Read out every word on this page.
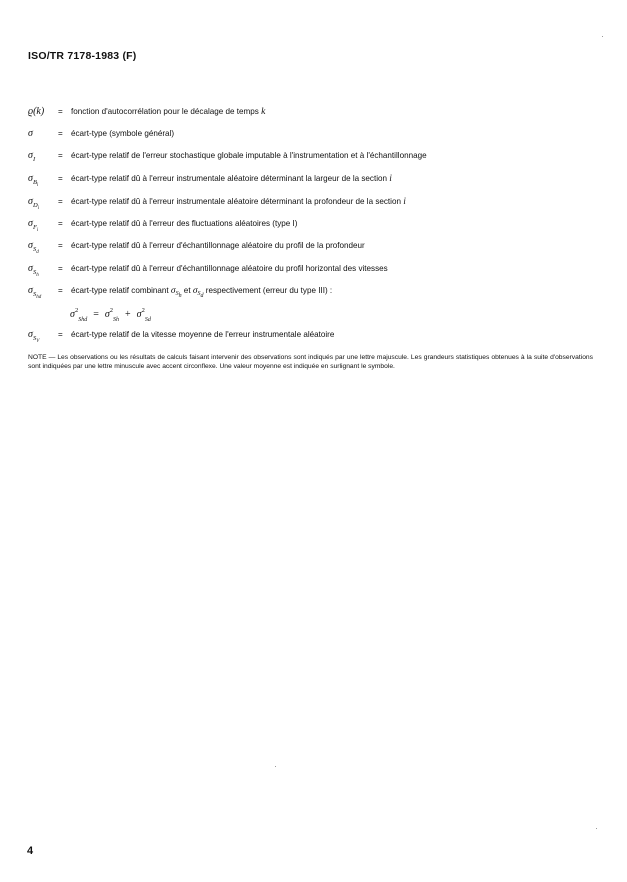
ISO/TR 7178-1983 (F)
ϱ(k) = fonction d'autocorrélation pour le décalage de temps k
σ	= écart-type (symbole général)
$\sigma_I$	= écart-type relatif de l'erreur stochastique globale imputable à l'instrumentation et à l'échantillonnage
$\sigma_{B_i}$
= écart-type relatif dû à l'erreur instrumentale aléatoire déterminant la largeur de la section i
$\sigma_{D_i}$
= écart-type relatif dû à l'erreur instrumentale aléatoire déterminant la profondeur de la section i
$\sigma_{F_i}$
= écart-type relatif dû à l'erreur des fluctuations aléatoires (type I)
$\sigma_{S_d}$
= écart-type relatif dû à l'erreur d'échantillonnage aléatoire du profil de la profondeur
$\sigma_{S_h}$
= écart-type relatif dû à l'erreur d'échantillonnage aléatoire du profil horizontal des vitesses
$\sigma_{S_{hd}}$
= écart-type relatif combinant $\sigma_{S_h}$ et $\sigma_{S_d}$ respectivement (erreur du type III) :
$\sigma^2_{Shd} = \sigma^2_{Sh} + \sigma^2_{Sd}$
$\sigma_{S_V}$
= écart-type relatif de la vitesse moyenne de l'erreur instrumentale aléatoire
NOTE — Les observations ou les résultats de calculs faisant intervenir des observations sont indiqués par une lettre majuscule. Les grandeurs statistiques obtenues à la suite d'observations sont indiquées par une lettre minuscule avec accent circonflexe. Une valeur moyenne est indiquée en surlignant le symbole.
4
